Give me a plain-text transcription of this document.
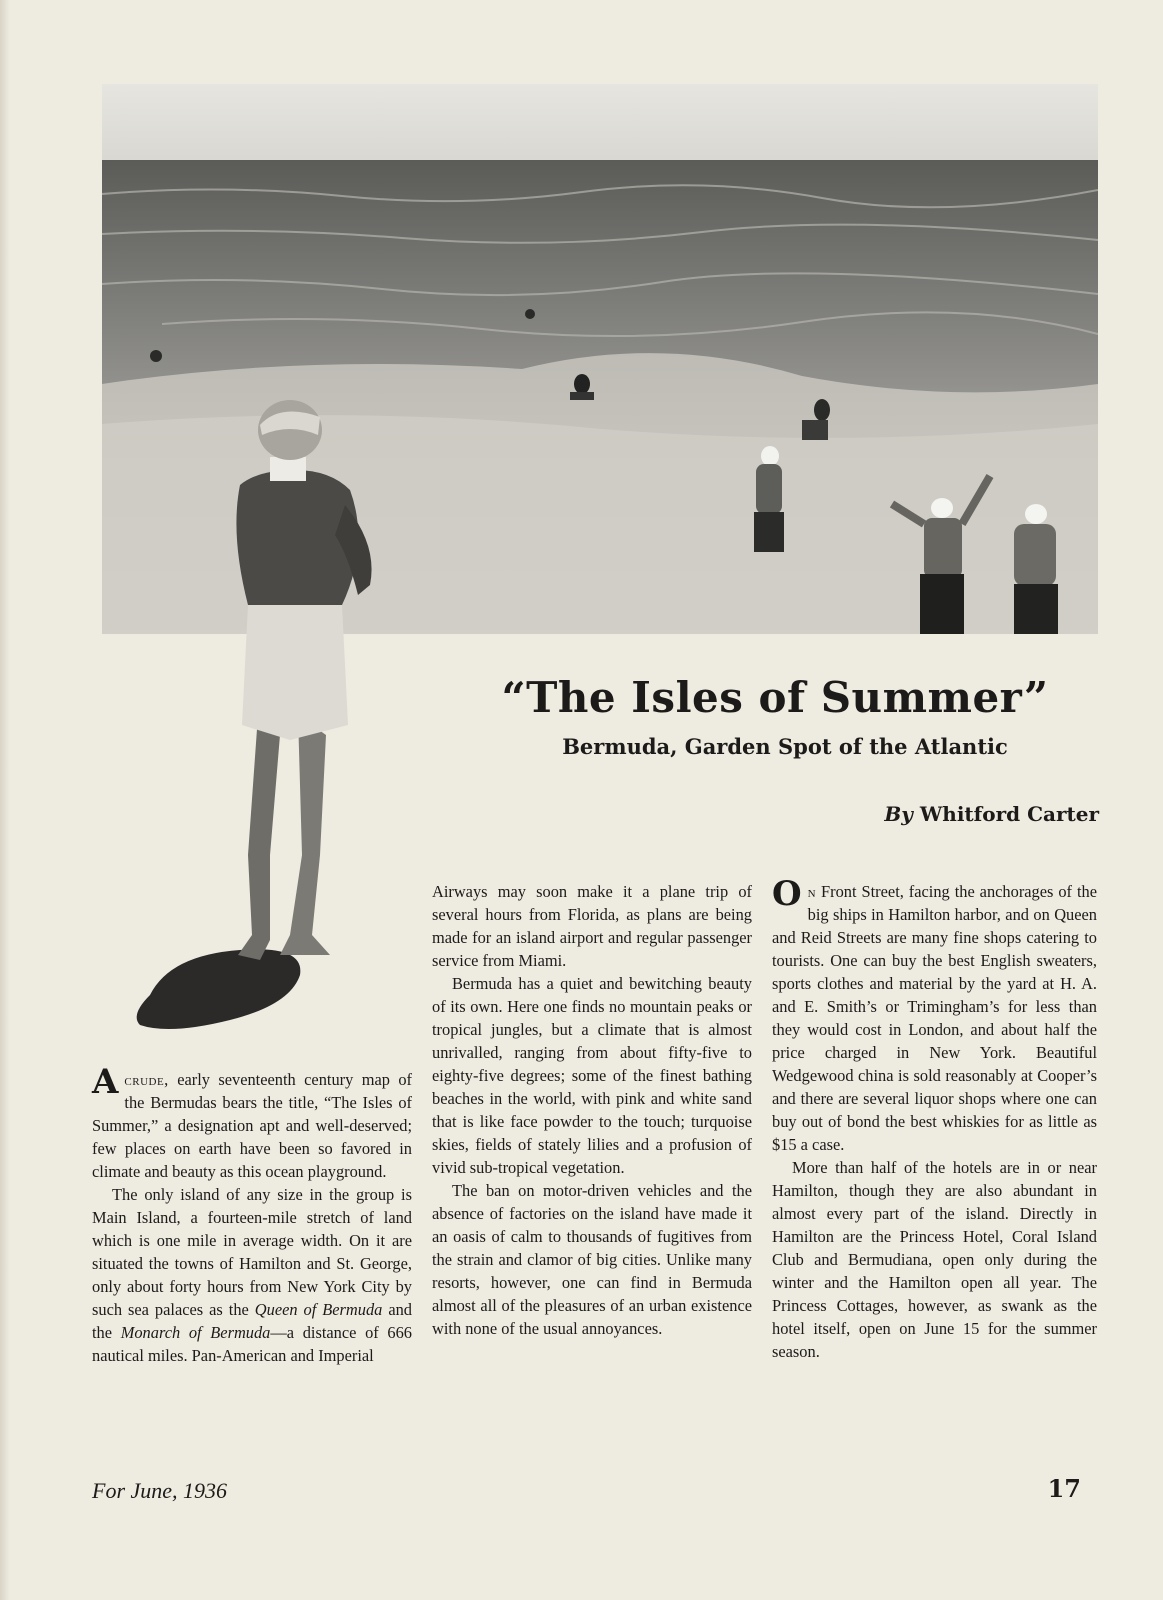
“The Isles of Summer”
Bermuda, Garden Spot of the Atlantic
By Whitford Carter

Acrude, early seventeenth century map of the Bermudas bears the title, “The Isles of Summer,” a designation apt and well-deserved; few places on earth have been so favored in climate and beauty as this ocean playground.

The only island of any size in the group is Main Island, a fourteen-mile stretch of land which is one mile in average width. On it are situated the towns of Hamilton and St. George, only about forty hours from New York City by such sea palaces as the Queen of Bermuda and the Monarch of Bermuda—a distance of 666 nautical miles. Pan-American and Imperial

Airways may soon make it a plane trip of several hours from Florida, as plans are being made for an island airport and regular passenger service from Miami.

Bermuda has a quiet and bewitching beauty of its own. Here one finds no mountain peaks or tropical jungles, but a climate that is almost unrivalled, ranging from about fifty-five to eighty-five degrees; some of the finest bathing beaches in the world, with pink and white sand that is like face powder to the touch; turquoise skies, fields of stately lilies and a profusion of vivid sub-tropical vegetation.

The ban on motor-driven vehicles and the absence of factories on the island have made it an oasis of calm to thousands of fugitives from the strain and clamor of big cities. Unlike many resorts, however, one can find in Bermuda almost all of the pleasures of an urban existence with none of the usual annoyances.

On Front Street, facing the anchorages of the big ships in Hamilton harbor, and on Queen and Reid Streets are many fine shops catering to tourists. One can buy the best English sweaters, sports clothes and material by the yard at H. A. and E. Smith’s or Trimingham’s for less than they would cost in London, and about half the price charged in New York. Beautiful Wedgewood china is sold reasonably at Cooper’s and there are several liquor shops where one can buy out of bond the best whiskies for as little as $15 a case.

More than half of the hotels are in or near Hamilton, though they are also abundant in almost every part of the island. Directly in Hamilton are the Princess Hotel, Coral Island Club and Bermudiana, open only during the winter and the Hamilton open all year. The Princess Cottages, however, as swank as the hotel itself, open on June 15 for the summer season.

For June, 1936	17
